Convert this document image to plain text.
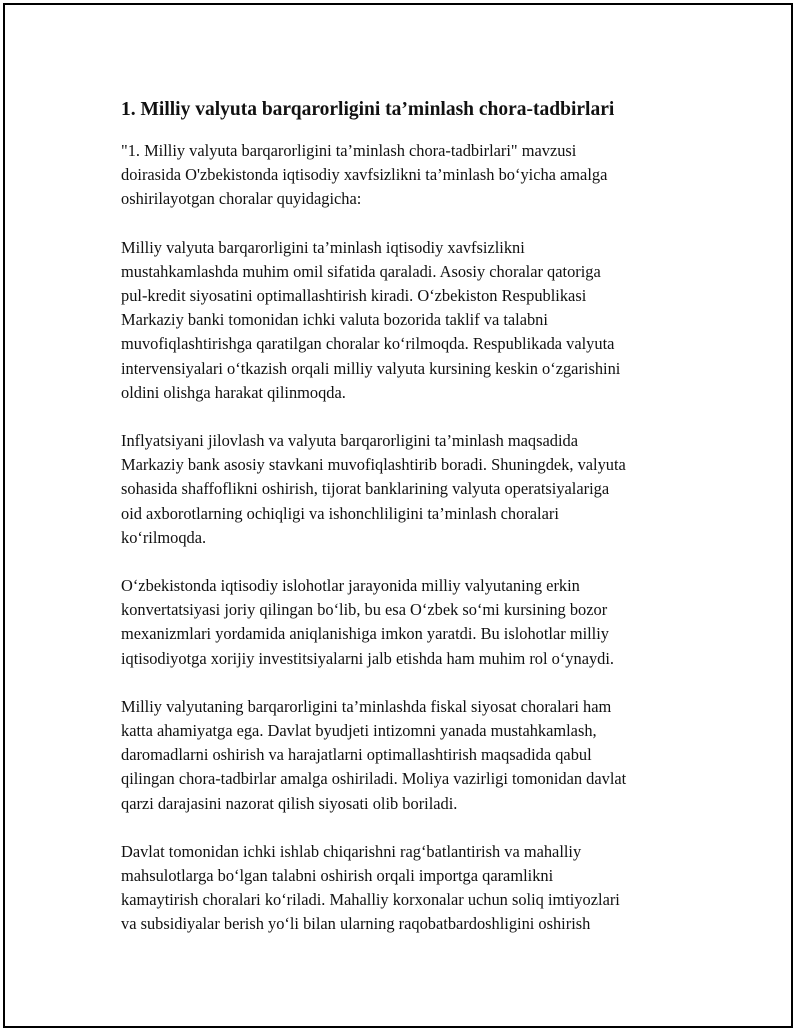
1. Milliy valyuta barqarorligini ta’minlash chora-tadbirlari

"1. Milliy valyuta barqarorligini ta’minlash chora-tadbirlari" mavzusi
doirasida O'zbekistonda iqtisodiy xavfsizlikni ta’minlash bo‘yicha amalga
oshirilayotgan choralar quyidagicha:

Milliy valyuta barqarorligini ta’minlash iqtisodiy xavfsizlikni
mustahkamlashda muhim omil sifatida qaraladi. Asosiy choralar qatoriga
pul-kredit siyosatini optimallashtirish kiradi. O‘zbekiston Respublikasi
Markaziy banki tomonidan ichki valuta bozorida taklif va talabni
muvofiqlashtirishga qaratilgan choralar ko‘rilmoqda. Respublikada valyuta
intervensiyalari o‘tkazish orqali milliy valyuta kursining keskin o‘zgarishini
oldini olishga harakat qilinmoqda.

Inflyatsiyani jilovlash va valyuta barqarorligini ta’minlash maqsadida
Markaziy bank asosiy stavkani muvofiqlashtirib boradi. Shuningdek, valyuta
sohasida shaffoflikni oshirish, tijorat banklarining valyuta operatsiyalariga
oid axborotlarning ochiqligi va ishonchliligini ta’minlash choralari
ko‘rilmoqda.

O‘zbekistonda iqtisodiy islohotlar jarayonida milliy valyutaning erkin
konvertatsiyasi joriy qilingan bo‘lib, bu esa O‘zbek so‘mi kursining bozor
mexanizmlari yordamida aniqlanishiga imkon yaratdi. Bu islohotlar milliy
iqtisodiyotga xorijiy investitsiyalarni jalb etishda ham muhim rol o‘ynaydi.

Milliy valyutaning barqarorligini ta’minlashda fiskal siyosat choralari ham
katta ahamiyatga ega. Davlat byudjeti intizomni yanada mustahkamlash,
daromadlarni oshirish va harajatlarni optimallashtirish maqsadida qabul
qilingan chora-tadbirlar amalga oshiriladi. Moliya vazirligi tomonidan davlat
qarzi darajasini nazorat qilish siyosati olib boriladi.

Davlat tomonidan ichki ishlab chiqarishni rag‘batlantirish va mahalliy
mahsulotlarga bo‘lgan talabni oshirish orqali importga qaramlikni
kamaytirish choralari ko‘riladi. Mahalliy korxonalar uchun soliq imtiyozlari
va subsidiyalar berish yo‘li bilan ularning raqobatbardoshligini oshirish
